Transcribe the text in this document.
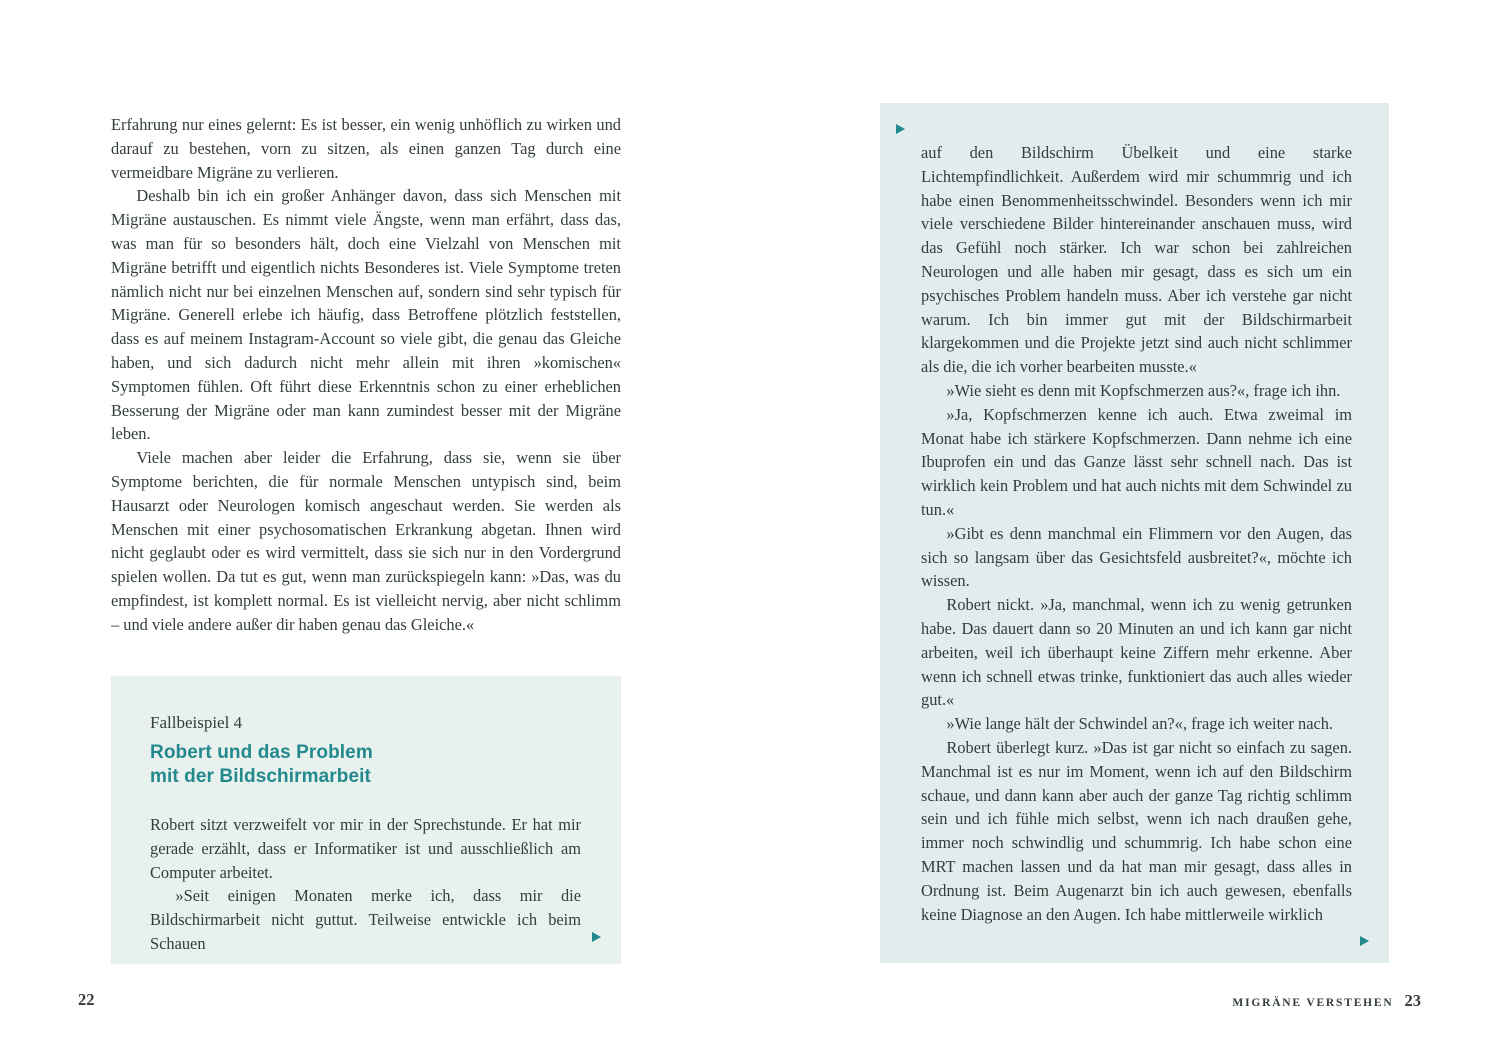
Erfahrung nur eines gelernt: Es ist besser, ein wenig unhöflich zu wirken und darauf zu bestehen, vorn zu sitzen, als einen ganzen Tag durch eine vermeidbare Migräne zu verlieren.

Deshalb bin ich ein großer Anhänger davon, dass sich Menschen mit Migräne austauschen. Es nimmt viele Ängste, wenn man erfährt, dass das, was man für so besonders hält, doch eine Vielzahl von Menschen mit Migräne betrifft und eigentlich nichts Besonderes ist. Viele Symptome treten nämlich nicht nur bei einzelnen Menschen auf, sondern sind sehr typisch für Migräne. Generell erlebe ich häufig, dass Betroffene plötzlich feststellen, dass es auf meinem Instagram-Account so viele gibt, die genau das Gleiche haben, und sich dadurch nicht mehr allein mit ihren »komischen« Symptomen fühlen. Oft führt diese Erkenntnis schon zu einer erheblichen Besserung der Migräne oder man kann zumindest besser mit der Migräne leben.

Viele machen aber leider die Erfahrung, dass sie, wenn sie über Symptome berichten, die für normale Menschen untypisch sind, beim Hausarzt oder Neurologen komisch angeschaut werden. Sie werden als Menschen mit einer psychosomatischen Erkrankung abgetan. Ihnen wird nicht geglaubt oder es wird vermittelt, dass sie sich nur in den Vordergrund spielen wollen. Da tut es gut, wenn man zurückspiegeln kann: »Das, was du empfindest, ist komplett normal. Es ist vielleicht nervig, aber nicht schlimm – und viele andere außer dir haben genau das Gleiche.«

Fallbeispiel 4

Robert und das Problem
mit der Bildschirmarbeit

Robert sitzt verzweifelt vor mir in der Sprechstunde. Er hat mir gerade erzählt, dass er Informatiker ist und ausschließlich am Computer arbeitet.

»Seit einigen Monaten merke ich, dass mir die Bildschirmarbeit nicht guttut. Teilweise entwickle ich beim Schauen

auf den Bildschirm Übelkeit und eine starke Lichtempfindlichkeit. Außerdem wird mir schummrig und ich habe einen Benommenheitsschwindel. Besonders wenn ich mir viele verschiedene Bilder hintereinander anschauen muss, wird das Gefühl noch stärker. Ich war schon bei zahlreichen Neurologen und alle haben mir gesagt, dass es sich um ein psychisches Problem handeln muss. Aber ich verstehe gar nicht warum. Ich bin immer gut mit der Bildschirmarbeit klargekommen und die Projekte jetzt sind auch nicht schlimmer als die, die ich vorher bearbeiten musste.«

»Wie sieht es denn mit Kopfschmerzen aus?«, frage ich ihn.

»Ja, Kopfschmerzen kenne ich auch. Etwa zweimal im Monat habe ich stärkere Kopfschmerzen. Dann nehme ich eine Ibuprofen ein und das Ganze lässt sehr schnell nach. Das ist wirklich kein Problem und hat auch nichts mit dem Schwindel zu tun.«

»Gibt es denn manchmal ein Flimmern vor den Augen, das sich so langsam über das Gesichtsfeld ausbreitet?«, möchte ich wissen.

Robert nickt. »Ja, manchmal, wenn ich zu wenig getrunken habe. Das dauert dann so 20 Minuten an und ich kann gar nicht arbeiten, weil ich überhaupt keine Ziffern mehr erkenne. Aber wenn ich schnell etwas trinke, funktioniert das auch alles wieder gut.«

»Wie lange hält der Schwindel an?«, frage ich weiter nach.

Robert überlegt kurz. »Das ist gar nicht so einfach zu sagen. Manchmal ist es nur im Moment, wenn ich auf den Bildschirm schaue, und dann kann aber auch der ganze Tag richtig schlimm sein und ich fühle mich selbst, wenn ich nach draußen gehe, immer noch schwindlig und schummrig. Ich habe schon eine MRT machen lassen und da hat man mir gesagt, dass alles in Ordnung ist. Beim Augenarzt bin ich auch gewesen, ebenfalls keine Diagnose an den Augen. Ich habe mittlerweile wirklich

22	MIGRÄNE VERSTEHEN 23
